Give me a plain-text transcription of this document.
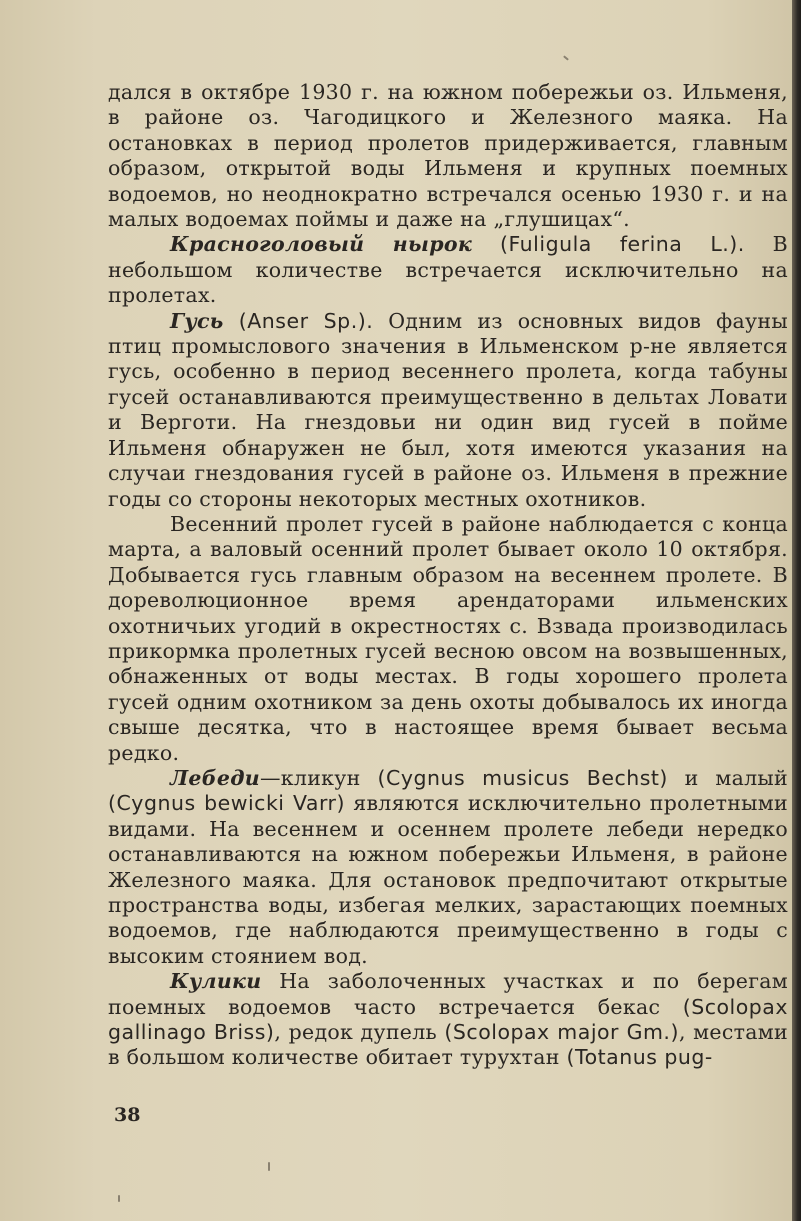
дался в октябре 1930 г. на южном побережьи оз. Ильменя, в районе оз. Чагодицкого и Железного маяка. На остановках в период пролетов придерживается, главным образом, открытой воды Ильменя и крупных поемных водоемов, но неоднократно встречался осенью 1930 г. и на малых водоемах поймы и даже на „глушицах“.

Красноголовый нырок (Fuligula ferina L.). В небольшом количестве встречается исключительно на пролетах.

Гусь (Anser Sp.). Одним из основных видов фауны птиц промыслового значения в Ильменском р-не является гусь, особенно в период весеннего пролета, когда табуны гусей останавливаются преимущественно в дельтах Ловати и Верготи. На гнездовьи ни один вид гусей в пойме Ильменя обнаружен не был, хотя имеются указания на случаи гнездования гусей в районе оз. Ильменя в прежние годы со стороны некоторых местных охотников.

Весенний пролет гусей в районе наблюдается с конца марта, а валовый осенний пролет бывает около 10 октября. Добывается гусь главным образом на весеннем пролете. В дореволюционное время арендаторами ильменских охотничьих угодий в окрестностях с. Взвада производилась прикормка пролетных гусей весною овсом на возвышенных, обнаженных от воды местах. В годы хорошего пролета гусей одним охотником за день охоты добывалось их иногда свыше десятка, что в настоящее время бывает весьма редко.

Лебеди—кликун (Cygnus musicus Bechst) и малый (Cygnus bewicki Varr) являются исключительно пролетными видами. На весеннем и осеннем пролете лебеди нередко останавливаются на южном побережьи Ильменя, в районе Железного маяка. Для остановок предпочитают открытые пространства воды, избегая мелких, зарастающих поемных водоемов, где наблюдаются преимущественно в годы с высоким стоянием вод.

Кулики На заболоченных участках и по берегам поемных водоемов часто встречается бекас (Scolopax gallinago Briss), редок дупель (Scolopax major Gm.), местами в большом количестве обитает турухтан (Totanus pug-

38
